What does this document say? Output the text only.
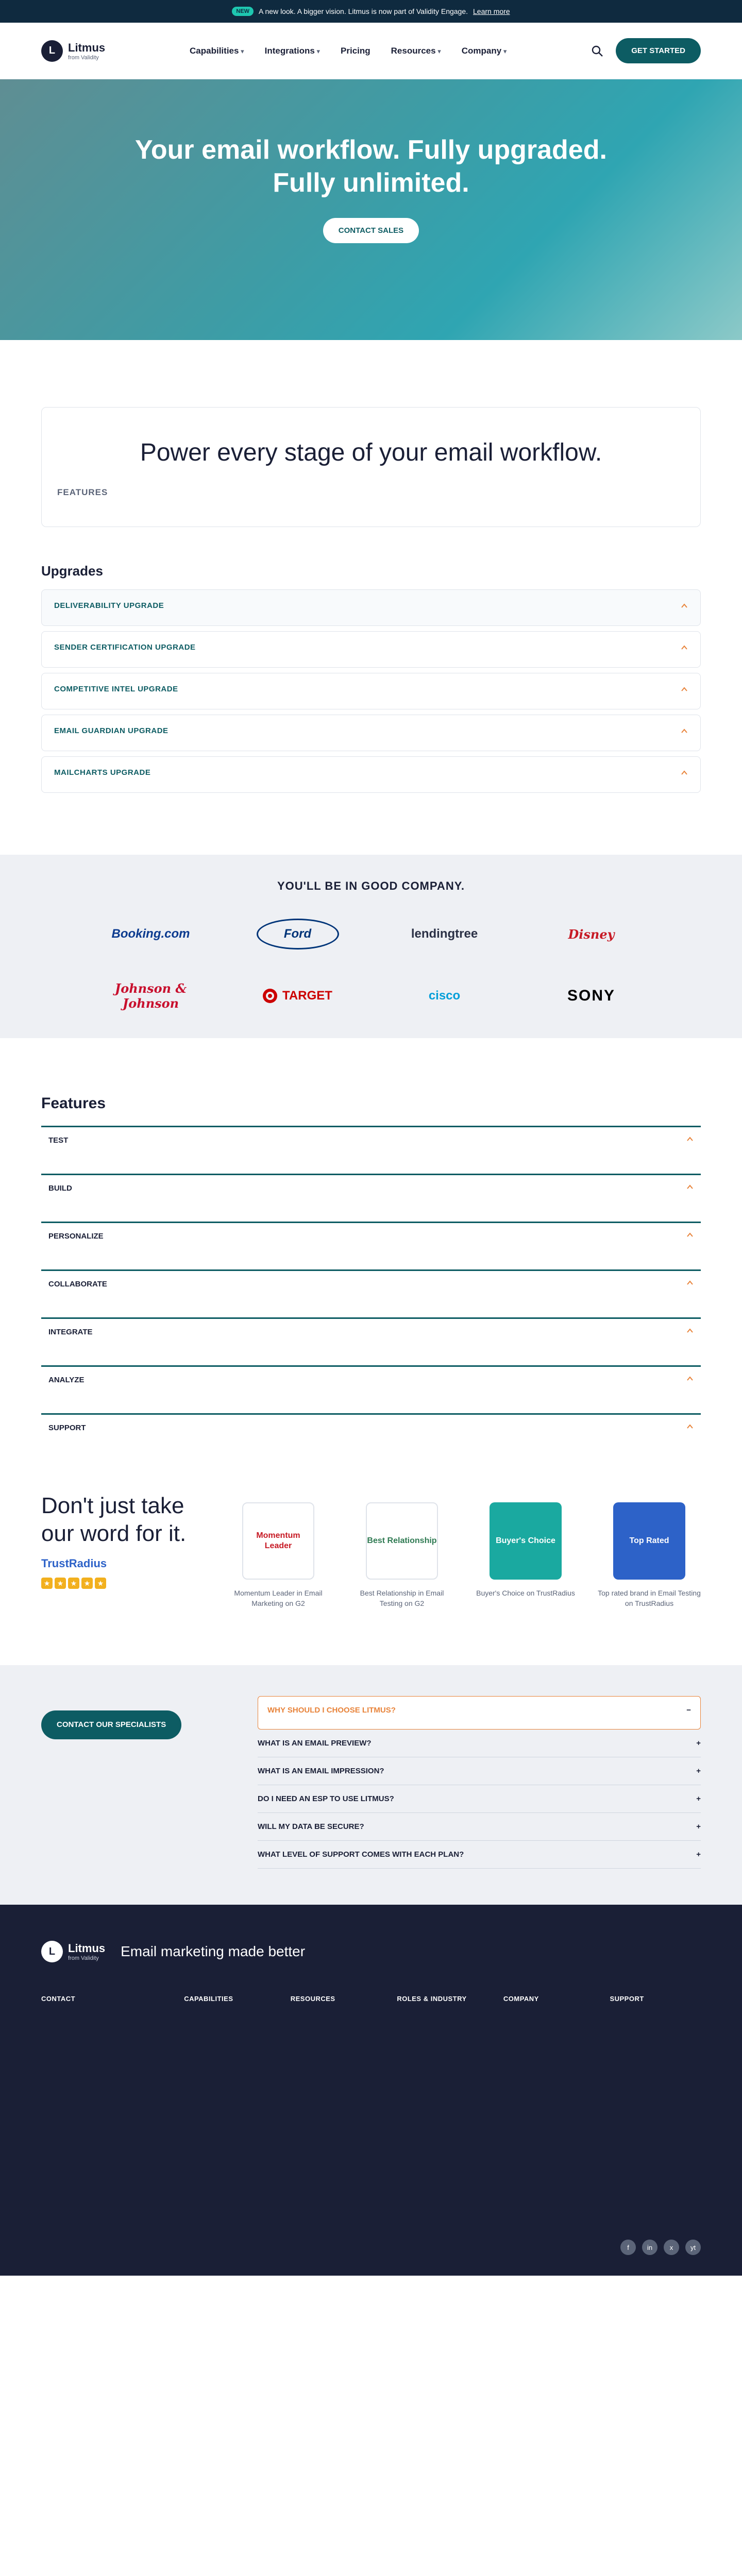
NEW	A new look. A bigger vision. Litmus is now part of Validity Engage. Learn more
L	Litmus
from Validity
Capabilities ▾	Integrations ▾	Pricing Resources ▾	Company ▾	GET STARTED
Your email workflow. Fully upgraded.
Fully unlimited.

CONTACT SALES
Power every stage of your email workflow.
FEATURES
Upgrades
DELIVERABILITY UPGRADE
SENDER CERTIFICATION UPGRADE
COMPETITIVE INTEL UPGRADE
EMAIL GUARDIAN UPGRADE
MAILCHARTS UPGRADE
YOU'LL BE IN GOOD COMPANY.
Booking.com	Ford	lendingtree	Disney
Johnson & Johnson
TARGET	cisco	SONY
Features
TEST
BUILD
PERSONALIZE
COLLABORATE
INTEGRATE
ANALYZE
SUPPORT
Don't just take our word for it.
TrustRadius
★ ★ ★ ★ ★
Momentum Leader
Momentum Leader in Email Marketing on G2
Best Relationship
Best Relationship in Email Testing on G2
Buyer's Choice
Buyer's Choice on TrustRadius
Top Rated
Top rated brand in Email Testing on TrustRadius

CONTACT OUR SPECIALISTS
WHY SHOULD I CHOOSE LITMUS?	−
WHAT IS AN EMAIL PREVIEW?	+
WHAT IS AN EMAIL IMPRESSION?	+
DO I NEED AN ESP TO USE LITMUS?	+
WILL MY DATA BE SECURE?	+
WHAT LEVEL OF SUPPORT COMES WITH EACH PLAN?	+
L	Litmus
from Validity	Email marketing made better
CONTACT	CAPABILITIES	RESOURCES	ROLES & INDUSTRY	COMPANY	SUPPORT
f	in	x	yt
